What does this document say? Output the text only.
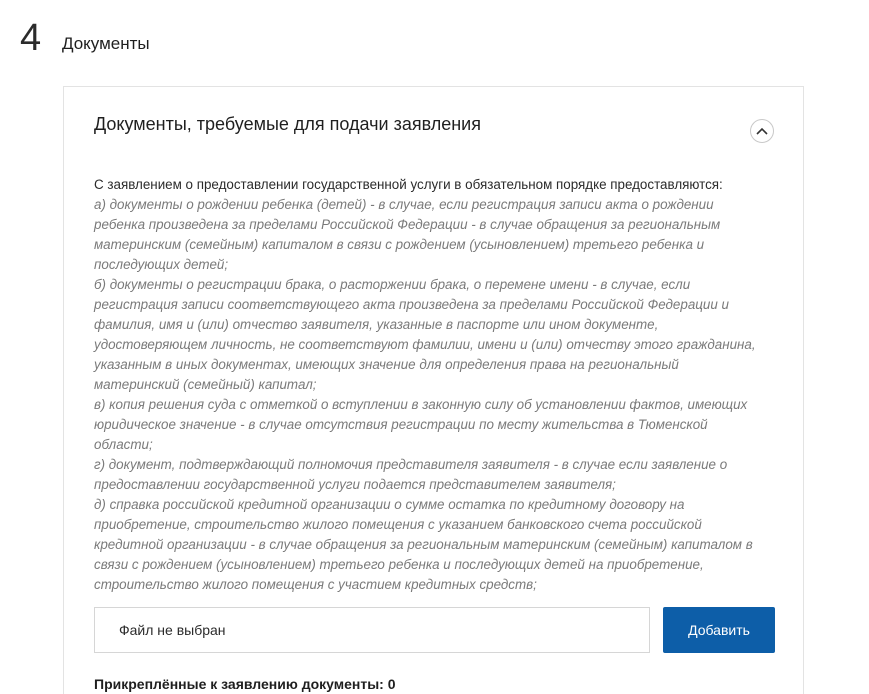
4 Документы
Документы, требуемые для подачи заявления
С заявлением о предоставлении государственной услуги в обязательном порядке предоставляются:
а) документы о рождении ребенка (детей) - в случае, если регистрация записи акта о рождении ребенка произведена за пределами Российской Федерации - в случае обращения за региональным материнским (семейным) капиталом в связи с рождением (усыновлением) третьего ребенка и последующих детей;
б) документы о регистрации брака, о расторжении брака, о перемене имени - в случае, если регистрация записи соответствующего акта произведена за пределами Российской Федерации и фамилия, имя и (или) отчество заявителя, указанные в паспорте или ином документе, удостоверяющем личность, не соответствуют фамилии, имени и (или) отчеству этого гражданина, указанным в иных документах, имеющих значение для определения права на региональный материнский (семейный) капитал;
в) копия решения суда с отметкой о вступлении в законную силу об установлении фактов, имеющих юридическое значение - в случае отсутствия регистрации по месту жительства в Тюменской области;
г) документ, подтверждающий полномочия представителя заявителя - в случае если заявление о предоставлении государственной услуги подается представителем заявителя;
д) справка российской кредитной организации о сумме остатка по кредитному договору на приобретение, строительство жилого помещения с указанием банковского счета российской кредитной организации - в случае обращения за региональным материнским (семейным) капиталом в связи с рождением (усыновлением) третьего ребенка и последующих детей на приобретение, строительство жилого помещения с участием кредитных средств;
Файл не выбран	Добавить
Прикреплённые к заявлению документы: 0
